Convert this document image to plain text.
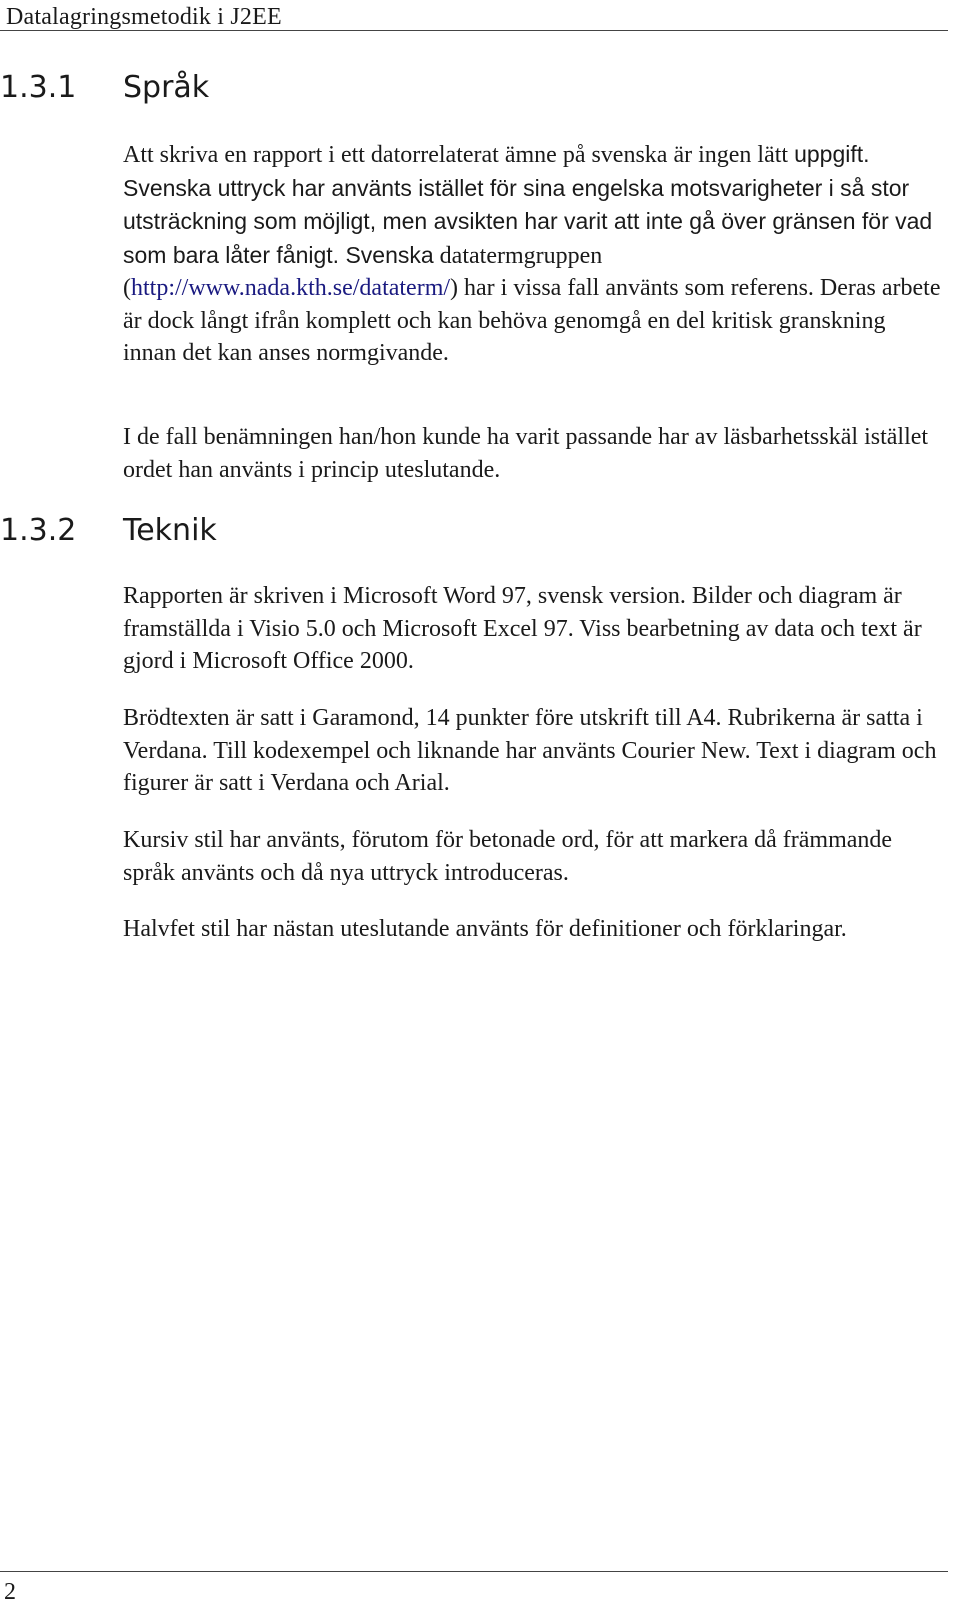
Datalagringsmetodik i J2EE
1.3.1 Språk

Att skriva en rapport i ett datorrelaterat ämne på svenska är ingen lätt uppgift. Svenska uttryck har använts istället för sina engelska motsvarigheter i så stor utsträckning som möjligt, men avsikten har varit att inte gå över gränsen för vad som bara låter fånigt. Svenska datatermgruppen (http://www.nada.kth.se/dataterm/) har i vissa fall använts som referens. Deras arbete är dock långt ifrån komplett och kan behöva genomgå en del kritisk granskning innan det kan anses normgivande.

I de fall benämningen han/hon kunde ha varit passande har av läsbarhetsskäl istället ordet han använts i princip uteslutande.

1.3.2 Teknik

Rapporten är skriven i Microsoft Word 97, svensk version. Bilder och diagram är framställda i Visio 5.0 och Microsoft Excel 97. Viss bearbetning av data och text är gjord i Microsoft Office 2000.

Brödtexten är satt i Garamond, 14 punkter före utskrift till A4. Rubrikerna är satta i Verdana. Till kodexempel och liknande har använts Courier New. Text i diagram och figurer är satt i Verdana och Arial.

Kursiv stil har använts, förutom för betonade ord, för att markera då främmande språk använts och då nya uttryck introduceras.

Halvfet stil har nästan uteslutande använts för definitioner och förklaringar.

2
